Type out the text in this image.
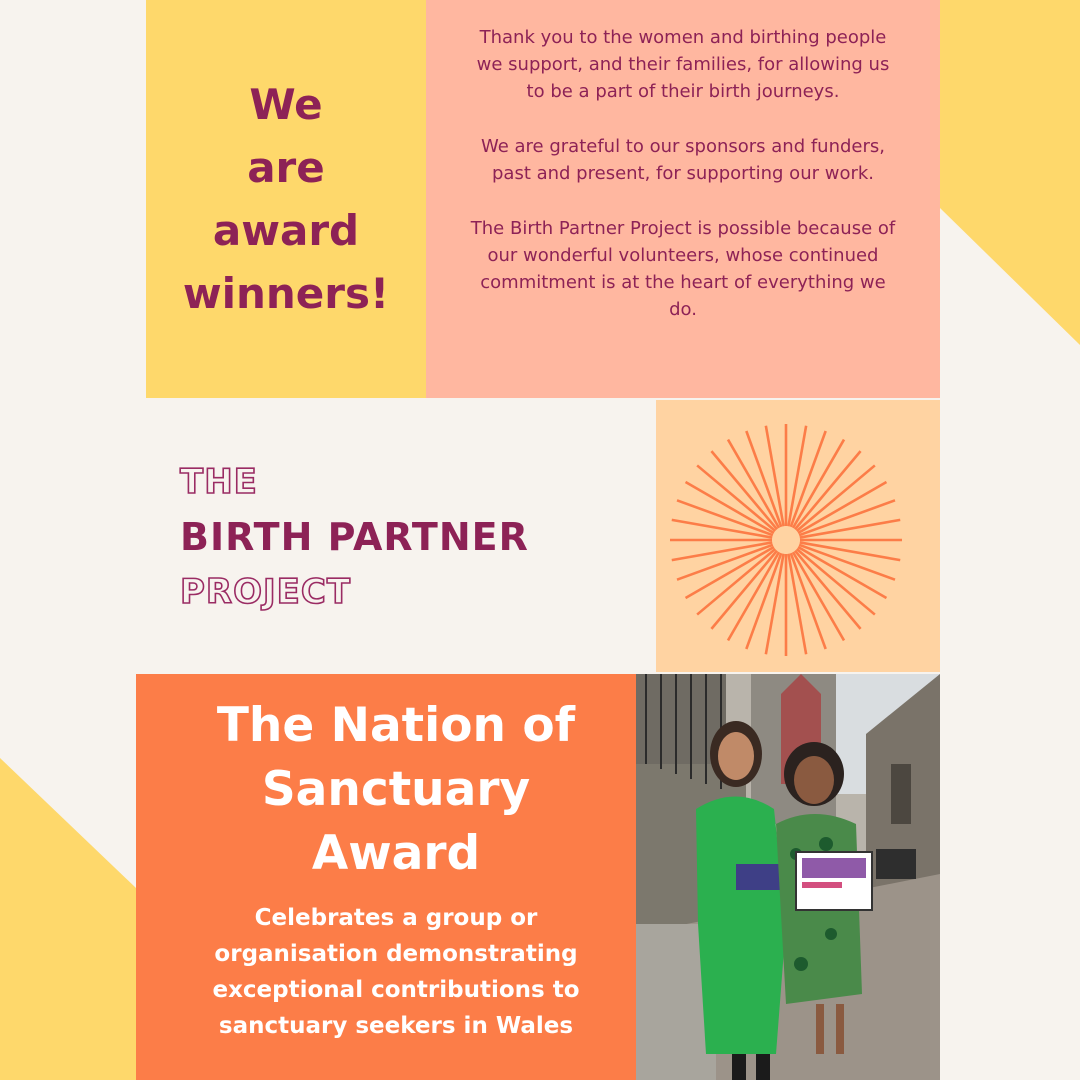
We
are
award
winners!

Thank you to the women and birthing people we support, and their families, for allowing us to be a part of their birth journeys.

We are grateful to our sponsors and funders, past and present, for supporting our work.

The Birth Partner Project is possible because of our wonderful volunteers, whose continued commitment is at the heart of everything we do.

THE
BIRTH PARTNER
PROJECT
The Nation of
Sanctuary
Award

Celebrates a group or
organisation demonstrating
exceptional contributions to
sanctuary seekers in Wales
